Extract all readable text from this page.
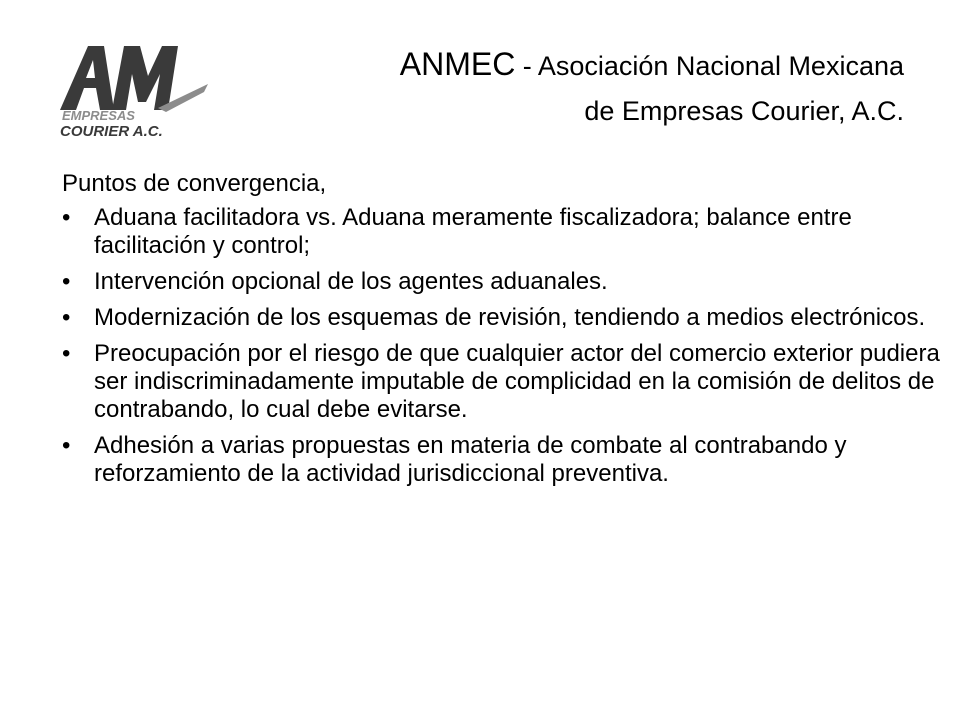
EMPRESAS
COURIER A.C.
ANMEC - Asociación Nacional Mexicana
de Empresas Courier, A.C.

Puntos de convergencia,

• Aduana facilitadora vs. Aduana meramente fiscalizadora; balance entre facilitación y control;
• Intervención opcional de los agentes aduanales.
• Modernización de los esquemas de revisión, tendiendo a medios electrónicos.
• Preocupación por el riesgo de que cualquier actor del comercio exterior pudiera ser indiscriminadamente imputable de complicidad en la comisión de delitos de contrabando, lo cual debe evitarse.
• Adhesión a varias propuestas en materia de combate al contrabando y reforzamiento de la actividad jurisdiccional preventiva.
